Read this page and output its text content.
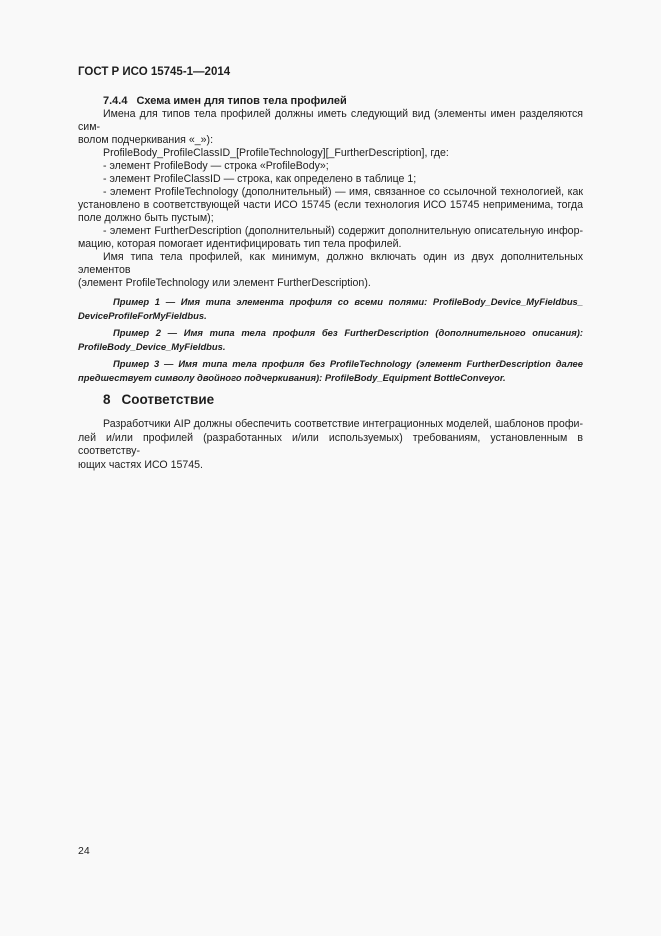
ГОСТ Р ИСО 15745-1—2014
7.4.4 Схема имен для типов тела профилей
Имена для типов тела профилей должны иметь следующий вид (элементы имен разделяются сим-
волом подчеркивания «_»):
ProfileBody_ProfileClassID_[ProfileTechnology][_FurtherDescription], где:
- элемент ProfileBody — строка «ProfileBody»;
- элемент ProfileClassID — строка, как определено в таблице 1;
- элемент ProfileTechnology (дополнительный) — имя, связанное со ссылочной технологией, как
установлено в соответствующей части ИСО 15745 (если технология ИСО 15745 неприменима, тогда
поле должно быть пустым);
- элемент FurtherDescription (дополнительный) содержит дополнительную описательную инфор-
мацию, которая помогает идентифицировать тип тела профилей.
Имя типа тела профилей, как минимум, должно включать один из двух дополнительных элементов
(элемент ProfileTechnology или элемент FurtherDescription).
Пример 1 — Имя типа элемента профиля со всеми полями: ProfileBody_Device_MyFieldbus_
DeviceProfileForMyFieldbus.
Пример 2 — Имя типа тела профиля без FurtherDescription (дополнительного описания):
ProfileBody_Device_MyFieldbus.
Пример 3 — Имя типа тела профиля без ProfileTechnology (элемент FurtherDescription далее
предшествует символу двойного подчеркивания): ProfileBody_Equipment BottleConveyor.
8 Соответствие
Разработчики AIP должны обеспечить соответствие интеграционных моделей, шаблонов профи-
лей и/или профилей (разработанных и/или используемых) требованиям, установленным в соответству-
ющих частях ИСО 15745.
24
